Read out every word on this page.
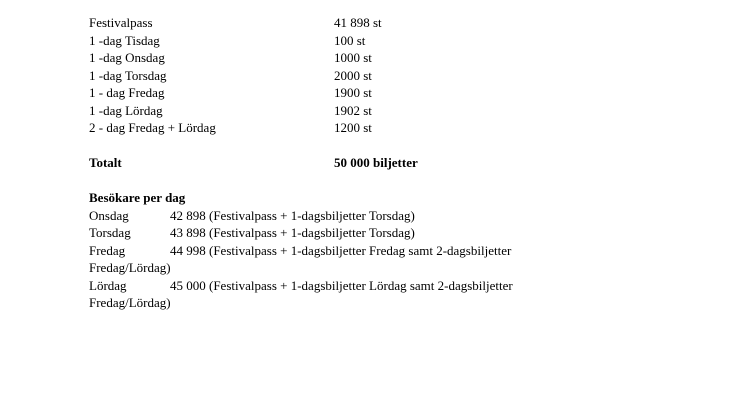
Festivalpass	41 898 st
1 -dag Tisdag	100 st
1 -dag Onsdag	1000 st
1 -dag Torsdag	2000 st
1 - dag Fredag	1900 st
1 -dag Lördag	1902 st
2 - dag Fredag + Lördag	1200 st
Totalt	50 000 biljetter
Besökare per dag
Onsdag	42 898 (Festivalpass + 1-dagsbiljetter Torsdag)
Torsdag	43 898 (Festivalpass + 1-dagsbiljetter Torsdag)
Fredag	44 998 (Festivalpass + 1-dagsbiljetter Fredag samt 2-dagsbiljetter
Fredag/Lördag)
Lördag	45 000 (Festivalpass + 1-dagsbiljetter Lördag samt 2-dagsbiljetter
Fredag/Lördag)
